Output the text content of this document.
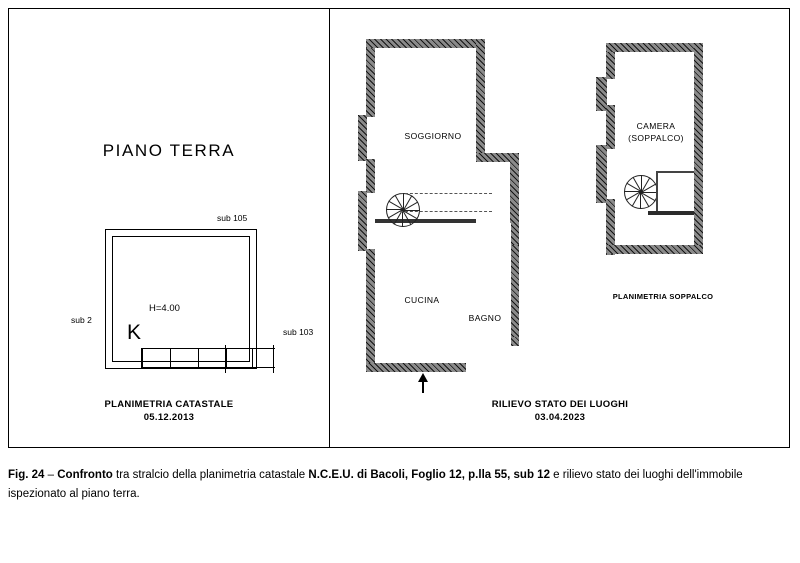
PIANO TERRA
sub 105
sub 2
sub 103
H=4.00
K
PLANIMETRIA CATASTALE
05.12.2013
SOGGIORNO
CUCINA
BAGNO
CAMERA
(SOPPALCO)
PLANIMETRIA SOPPALCO
RILIEVO STATO DEI LUOGHI
03.04.2023
Fig. 24 – Confronto tra stralcio della planimetria catastale N.C.E.U. di Bacoli, Foglio 12, p.lla 55, sub 12 e rilievo stato dei luoghi dell'immobile ispezionato al piano terra.
